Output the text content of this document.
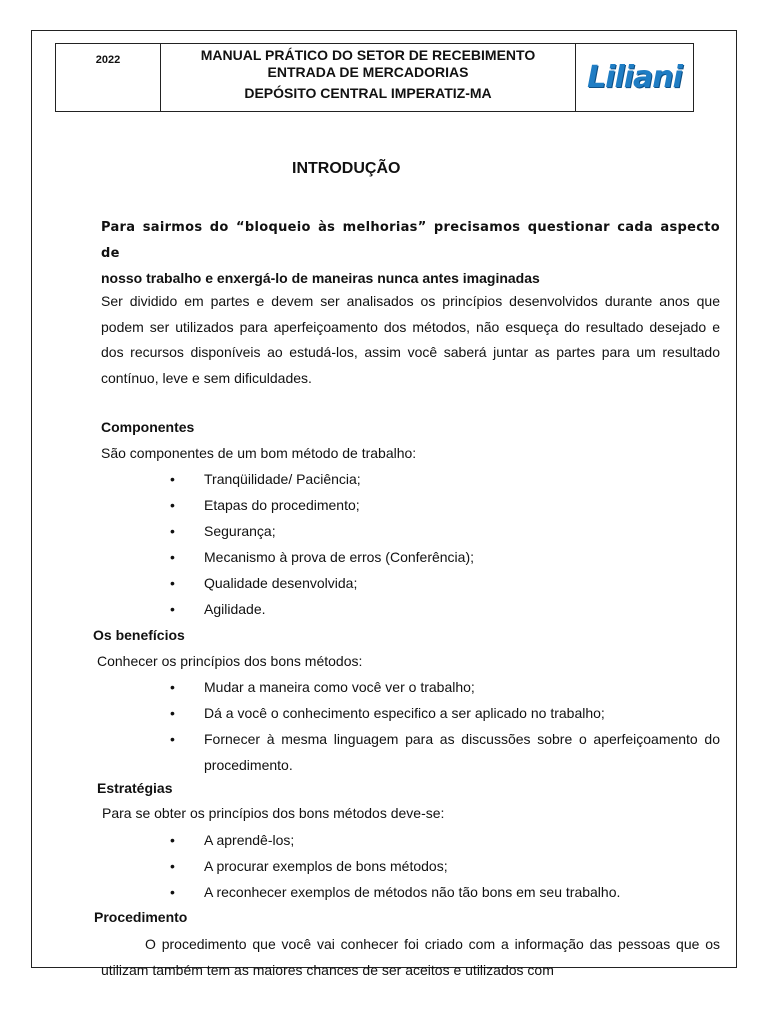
2022	MANUAL PRÁTICO DO SETOR DE RECEBIMENTO
ENTRADA DE MERCADORIAS
DEPÓSITO CENTRAL IMPERATIZ-MA	Liliani
INTRODUÇÃO
Para sairmos do “bloqueio às melhorias” precisamos questionar cada aspecto de
nosso trabalho e enxergá-lo de maneiras nunca antes imaginadas
Ser dividido em partes e devem ser analisados os princípios desenvolvidos durante anos que podem ser utilizados para aperfeiçoamento dos métodos, não esqueça do resultado desejado e dos recursos disponíveis ao estudá-los, assim você saberá juntar as partes para um resultado contínuo, leve e sem dificuldades.
Componentes
São componentes de um bom método de trabalho:
• Tranqüilidade/ Paciência;
• Etapas do procedimento;
• Segurança;
• Mecanismo à prova de erros (Conferência);
• Qualidade desenvolvida;
• Agilidade.
Os benefícios
Conhecer os princípios dos bons métodos:
• Mudar a maneira como você ver o trabalho;
• Dá a você o conhecimento especifico a ser aplicado no trabalho;
• Fornecer à mesma linguagem para as discussões sobre o aperfeiçoamento do procedimento.
Estratégias
Para se obter os princípios dos bons métodos deve-se:
• A aprendê-los;
• A procurar exemplos de bons métodos;
• A reconhecer exemplos de métodos não tão bons em seu trabalho.
Procedimento
O procedimento que você vai conhecer foi criado com a informação das pessoas que os utilizam também tem as maiores chances de ser aceitos e utilizados com
